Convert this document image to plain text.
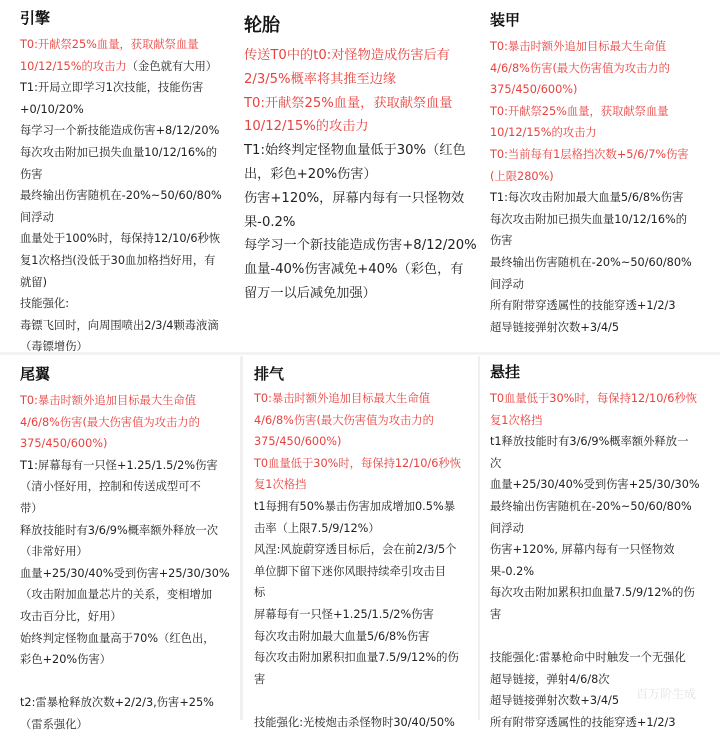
引擎
T0:开献祭25%血量，获取献祭血量
10/12/15%的攻击力（金色就有大用）
T1:开局立即学习1次技能，技能伤害
+0/10/20%
每学习一个新技能造成伤害+8/12/20%
每次攻击附加已损失血量10/12/16%的
伤害
最终输出伤害随机在-20%~50/60/80%
间浮动
血量处于100%时，每保持12/10/6秒恢
复1次格挡(没低于30血加格挡好用，有
就留)
技能强化:
毒镖飞回时，向周围喷出2/3/4颗毒液滴
（毒镖增伤）
轮胎
传送T0中的t0:对怪物造成伤害后有
2/3/5%概率将其推至边缘
T0:开献祭25%血量，获取献祭血量
10/12/15%的攻击力
T1:始终判定怪物血量低于30%（红色
出，彩色+20%伤害）
伤害+120%，屏幕内每有一只怪物效
果-0.2%
每学习一个新技能造成伤害+8/12/20%
血量-40%伤害减免+40%（彩色，有
留万一以后减免加强）
装甲
T0:暴击时额外追加目标最大生命值
4/6/8%伤害(最大伤害值为攻击力的
375/450/600%)
T0:开献祭25%血量，获取献祭血量
10/12/15%的攻击力
T0:当前每有1层格挡次数+5/6/7%伤害
(上限280%)
T1:每次攻击附加最大血量5/6/8%伤害
每次攻击附加已损失血量10/12/16%的
伤害
最终输出伤害随机在-20%~50/60/80%
间浮动
所有附带穿透属性的技能穿透+1/2/3
超导链接弹射次数+3/4/5
尾翼
T0:暴击时额外追加目标最大生命值
4/6/8%伤害(最大伤害值为攻击力的
375/450/600%)
T1:屏幕每有一只怪+1.25/1.5/2%伤害
（清小怪好用，控制和传送成型可不
带）
释放技能时有3/6/9%概率额外释放一次
（非常好用）
血量+25/30/40%受到伤害+25/30/30%
（攻击附加血量芯片的关系，变相增加
攻击百分比，好用）
始终判定怪物血量高于70%（红色出，
彩色+20%伤害）
t2:雷暴枪释放次数+2/2/3,伤害+25%
（雷系强化）
排气
T0:暴击时额外追加目标最大生命值
4/6/8%伤害(最大伤害值为攻击力的
375/450/600%)
T0血量低于30%时，每保持12/10/6秒恢
复1次格挡
t1每拥有50%暴击伤害加成增加0.5%暴
击率（上限7.5/9/12%）
风涅:风旋蔚穿透目标后，会在前2/3/5个
单位脚下留下迷你风眼持续牵引攻击目
标
屏幕每有一只怪+1.25/1.5/2%伤害
每次攻击附加最大血量5/6/8%伤害
每次攻击附加累积扣血量7.5/9/12%的伤
害
技能强化:光棱炮击杀怪物时30/40/50%
悬挂
T0血量低于30%时，每保持12/10/6秒恢
复1次格挡
t1释放技能时有3/6/9%概率额外释放一
次
血量+25/30/40%受到伤害+25/30/30%
最终输出伤害随机在-20%~50/60/80%
间浮动
伤害+120%, 屏幕内每有一只怪物效
果-0.2%
每次攻击附加累积扣血量7.5/9/12%的伤
害
技能强化:雷暴枪命中时触发一个无强化
超导链接，弹射4/6/8次
超导链接弹射次数+3/4/5
所有附带穿透属性的技能穿透+1/2/3
百万阶生成
